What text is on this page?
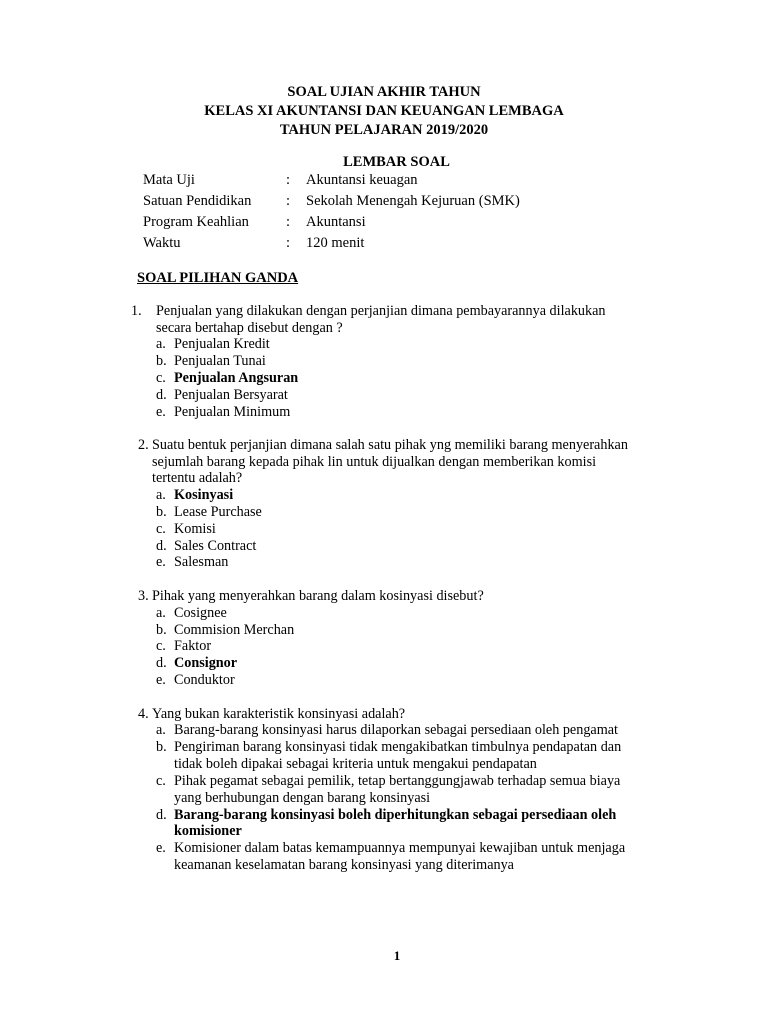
SOAL UJIAN AKHIR TAHUN
KELAS XI AKUNTANSI DAN KEUANGAN LEMBAGA
TAHUN PELAJARAN 2019/2020
LEMBAR SOAL
Mata Uji	: Akuntansi keuagan
Satuan Pendidikan : Sekolah Menengah Kejuruan (SMK)
Program Keahlian	: Akuntansi
Waktu	: 120 menit
SOAL PILIHAN GANDA
1. Penjualan yang dilakukan dengan perjanjian dimana pembayarannya dilakukan
secara bertahap disebut dengan ?
a. Penjualan Kredit
b. Penjualan Tunai
c. Penjualan Angsuran
d. Penjualan Bersyarat
e. Penjualan Minimum
2. Suatu bentuk perjanjian dimana salah satu pihak yng memiliki barang menyerahkan
sejumlah barang kepada pihak lin untuk dijualkan dengan memberikan komisi
tertentu adalah?
a. Kosinyasi
b. Lease Purchase
c. Komisi
d. Sales Contract
e. Salesman
3. Pihak yang menyerahkan barang dalam kosinyasi disebut?
a. Cosignee
b. Commision Merchan
c. Faktor
d. Consignor
e. Conduktor
4. Yang bukan karakteristik konsinyasi adalah?
a. Barang-barang konsinyasi harus dilaporkan sebagai persediaan oleh pengamat
b. Pengiriman barang konsinyasi tidak mengakibatkan timbulnya pendapatan dan
tidak boleh dipakai sebagai kriteria untuk mengakui pendapatan
c. Pihak pegamat sebagai pemilik, tetap bertanggungjawab terhadap semua biaya
yang berhubungan dengan barang konsinyasi
d. Barang-barang konsinyasi boleh diperhitungkan sebagai persediaan oleh
komisioner
e. Komisioner dalam batas kemampuannya mempunyai kewajiban untuk menjaga
keamanan keselamatan barang konsinyasi yang diterimanya
1
